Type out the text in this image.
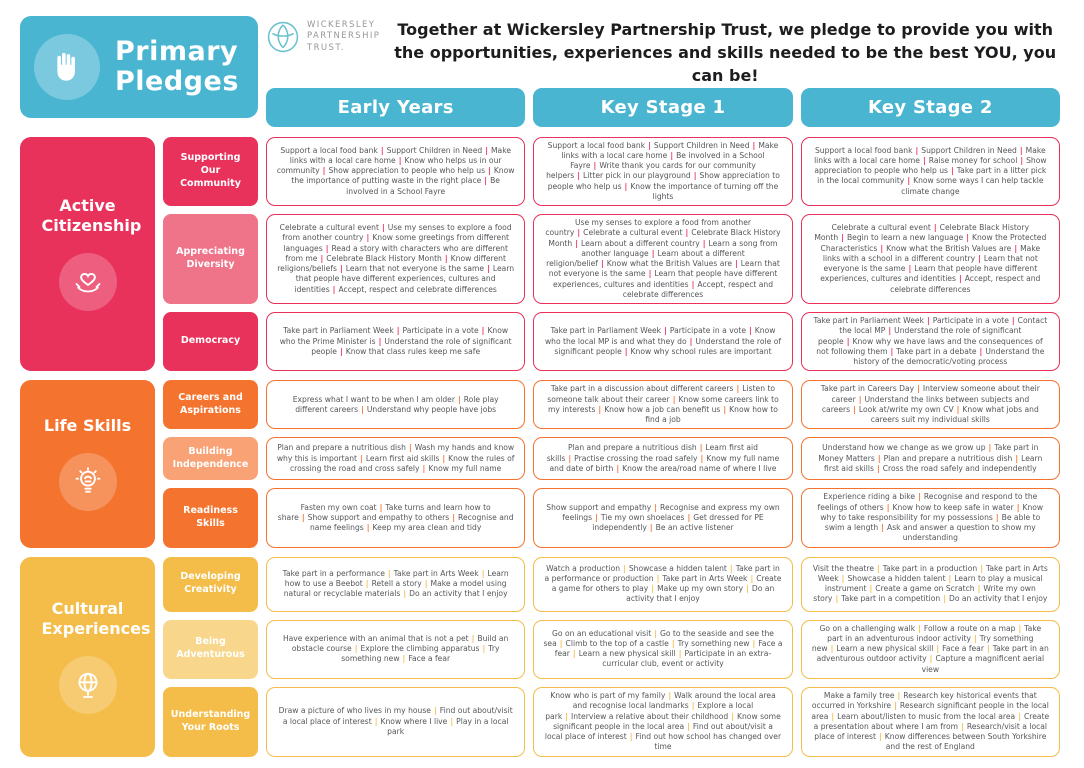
Primary
Pledges
WICKERSLEY
PARTNERSHIP
TRUST.
Together at Wickersley Partnership Trust, we pledge to provide you with
the opportunities, experiences and skills needed to be the best YOU, you can be!
Early Years	Key Stage 1	Key Stage 2
Active Citizenship
Supporting Our Community
Support a local food bank | Support Children in Need | Make links with a local care home | Know who helps us in our community | Show appreciation to people who help us | Know the importance of putting waste in the right place | Be involved in a School Fayre
Support a local food bank | Support Children in Need | Make links with a local care home | Be involved in a School Fayre | Write thank you cards for our community helpers | Litter pick in our playground | Show appreciation to people who help us | Know the importance of turning off the lights
Support a local food bank | Support Children in Need | Make links with a local care home | Raise money for school | Show appreciation to people who help us | Take part in a litter pick in the local community | Know some ways I can help tackle climate change
Appreciating Diversity
Celebrate a cultural event | Use my senses to explore a food from another country | Know some greetings from different languages | Read a story with characters who are different from me | Celebrate Black History Month | Know different religions/beliefs | Learn that not everyone is the same | Learn that people have different experiences, cultures and identities | Accept, respect and celebrate differences
Use my senses to explore a food from another country | Celebrate a cultural event | Celebrate Black History Month | Learn about a different country | Learn a song from another language | Learn about a different religion/belief | Know what the British Values are | Learn that not everyone is the same | Learn that people have different experiences, cultures and identities | Accept, respect and celebrate differences
Celebrate a cultural event | Celebrate Black History Month | Begin to learn a new language | Know the Protected Characteristics | Know what the British Values are | Make links with a school in a different country | Learn that not everyone is the same | Learn that people have different experiences, cultures and identities | Accept, respect and celebrate differences
Democracy
Take part in Parliament Week | Participate in a vote | Know who the Prime Minister is | Understand the role of significant people | Know that class rules keep me safe
Take part in Parliament Week | Participate in a vote | Know who the local MP is and what they do | Understand the role of significant people | Know why school rules are important
Take part in Parliament Week | Participate in a vote | Contact the local MP | Understand the role of significant people | Know why we have laws and the consequences of not following them | Take part in a debate | Understand the history of the democratic/voting process
Life Skills
Careers and Aspirations
Express what I want to be when I am older | Role play different careers | Understand why people have jobs
Take part in a discussion about different careers | Listen to someone talk about their career | Know some careers link to my interests | Know how a job can benefit us | Know how to find a job
Take part in Careers Day | Interview someone about their career | Understand the links between subjects and careers | Look at/write my own CV | Know what jobs and careers suit my individual skills
Building Independence
Plan and prepare a nutritious dish | Wash my hands and know why this is important | Learn first aid skills | Know the rules of crossing the road and cross safely | Know my full name
Plan and prepare a nutritious dish | Learn first aid skills | Practise crossing the road safely | Know my full name and date of birth | Know the area/road name of where I live
Understand how we change as we grow up | Take part in Money Matters | Plan and prepare a nutritious dish | Learn first aid skills | Cross the road safely and independently
Readiness Skills
Fasten my own coat | Take turns and learn how to share | Show support and empathy to others | Recognise and name feelings | Keep my area clean and tidy
Show support and empathy | Recognise and express my own feelings | Tie my own shoelaces | Get dressed for PE independently | Be an active listener
Experience riding a bike | Recognise and respond to the feelings of others | Know how to keep safe in water | Know why to take responsibility for my possessions | Be able to swim a length | Ask and answer a question to show my understanding
Cultural Experiences
Developing Creativity
Take part in a performance | Take part in Arts Week | Learn how to use a Beebot | Retell a story | Make a model using natural or recyclable materials | Do an activity that I enjoy
Watch a production | Showcase a hidden talent | Take part in a performance or production | Take part in Arts Week | Create a game for others to play | Make up my own story | Do an activity that I enjoy
Visit the theatre | Take part in a production | Take part in Arts Week | Showcase a hidden talent | Learn to play a musical instrument | Create a game on Scratch | Write my own story | Take part in a competition | Do an activity that I enjoy
Being Adventurous
Have experience with an animal that is not a pet | Build an obstacle course | Explore the climbing apparatus | Try something new | Face a fear
Go on an educational visit | Go to the seaside and see the sea | Climb to the top of a castle | Try something new | Face a fear | Learn a new physical skill | Participate in an extra-curricular club, event or activity
Go on a challenging walk | Follow a route on a map | Take part in an adventurous indoor activity | Try something new | Learn a new physical skill | Face a fear | Take part in an adventurous outdoor activity | Capture a magnificent aerial view
Understanding Your Roots
Draw a picture of who lives in my house | Find out about/visit a local place of interest | Know where I live | Play in a local park
Know who is part of my family | Walk around the local area and recognise local landmarks | Explore a local park | Interview a relative about their childhood | Know some significant people in the local area | Find out about/visit a local place of interest | Find out how school has changed over time
Make a family tree | Research key historical events that occurred in Yorkshire | Research significant people in the local area | Learn about/listen to music from the local area | Create a presentation about where I am from | Research/visit a local place of interest | Know differences between South Yorkshire and the rest of England
